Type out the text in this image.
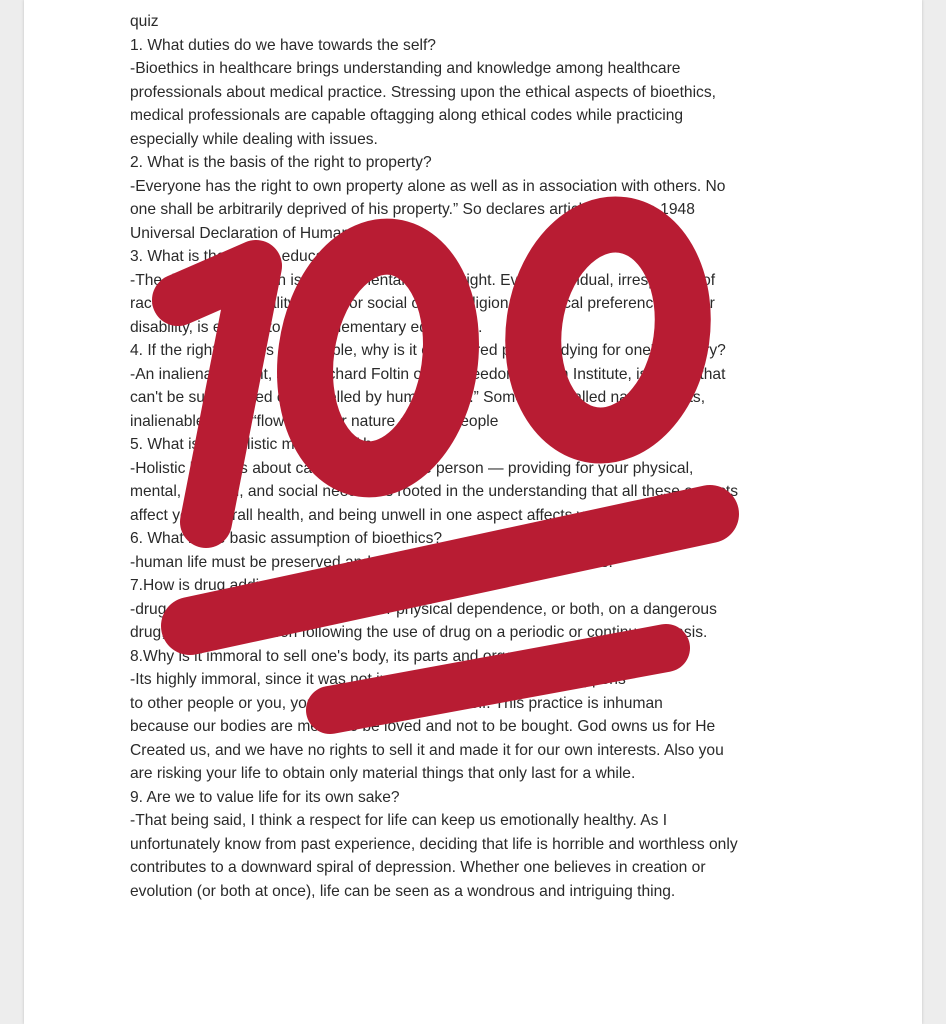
quiz
1. What duties do we have towards the self?
-Bioethics in healthcare brings understanding and knowledge among healthcare
professionals about medical practice. Stressing upon the ethical aspects of bioethics,
medical professionals are capable oftagging along ethical codes while practicing
especially while dealing with issues.
2. What is the basis of the right to property?
-Everyone has the right to own property alone as well as in association with others. No
one shall be arbitrarily deprived of his property.” So declares article 17 of the 1948
Universal Declaration of Human Rights.
3. What is the right to education?
-The right to education is a fundamental human right. Every individual, irrespective of
race, gender, nationality, ethnic or social origin, religion or political preference, age or
disability, is entitled to a free elementary education.
4. If the right to life is inalienable, why is it considered patriotic dying for one's country?
-An inalienable right, says Richard Foltin of the Freedom Forum Institute, is a right that
can't be surrendered or cancelled by human laws.” Sometimes called natural rights,
inalienable rights “flow from our nature as free people
5. What is the holistic meaning of health?
-Holistic health is about caring for the whole person — providing for your physical,
mental, spiritual, and social needs. It's rooted in the understanding that all these aspects
affect your overall health, and being unwell in one aspect affects you in others.
6. What is the basic assumption of bioethics?
-human life must be preserved and protected under all circumstances.
7.How is drug addiction defined?
-drug addiction is a state of psychic or physical dependence, or both, on a dangerous
drug, arising in a person following the use of drug on a periodic or continuous basis.
8.Why is it immoral to sell one's body, its parts and organs?
-Its highly immoral, since it was not just about you if something happens
to other people or you, you are also hurting yourself. This practice is inhuman
because our bodies are meant to be loved and not to be bought. God owns us for He
Created us, and we have no rights to sell it and made it for our own interests. Also you
are risking your life to obtain only material things that only last for a while.
9. Are we to value life for its own sake?
-That being said, I think a respect for life can keep us emotionally healthy. As I
unfortunately know from past experience, deciding that life is horrible and worthless only
contributes to a downward spiral of depression. Whether one believes in creation or
evolution (or both at once), life can be seen as a wondrous and intriguing thing.
